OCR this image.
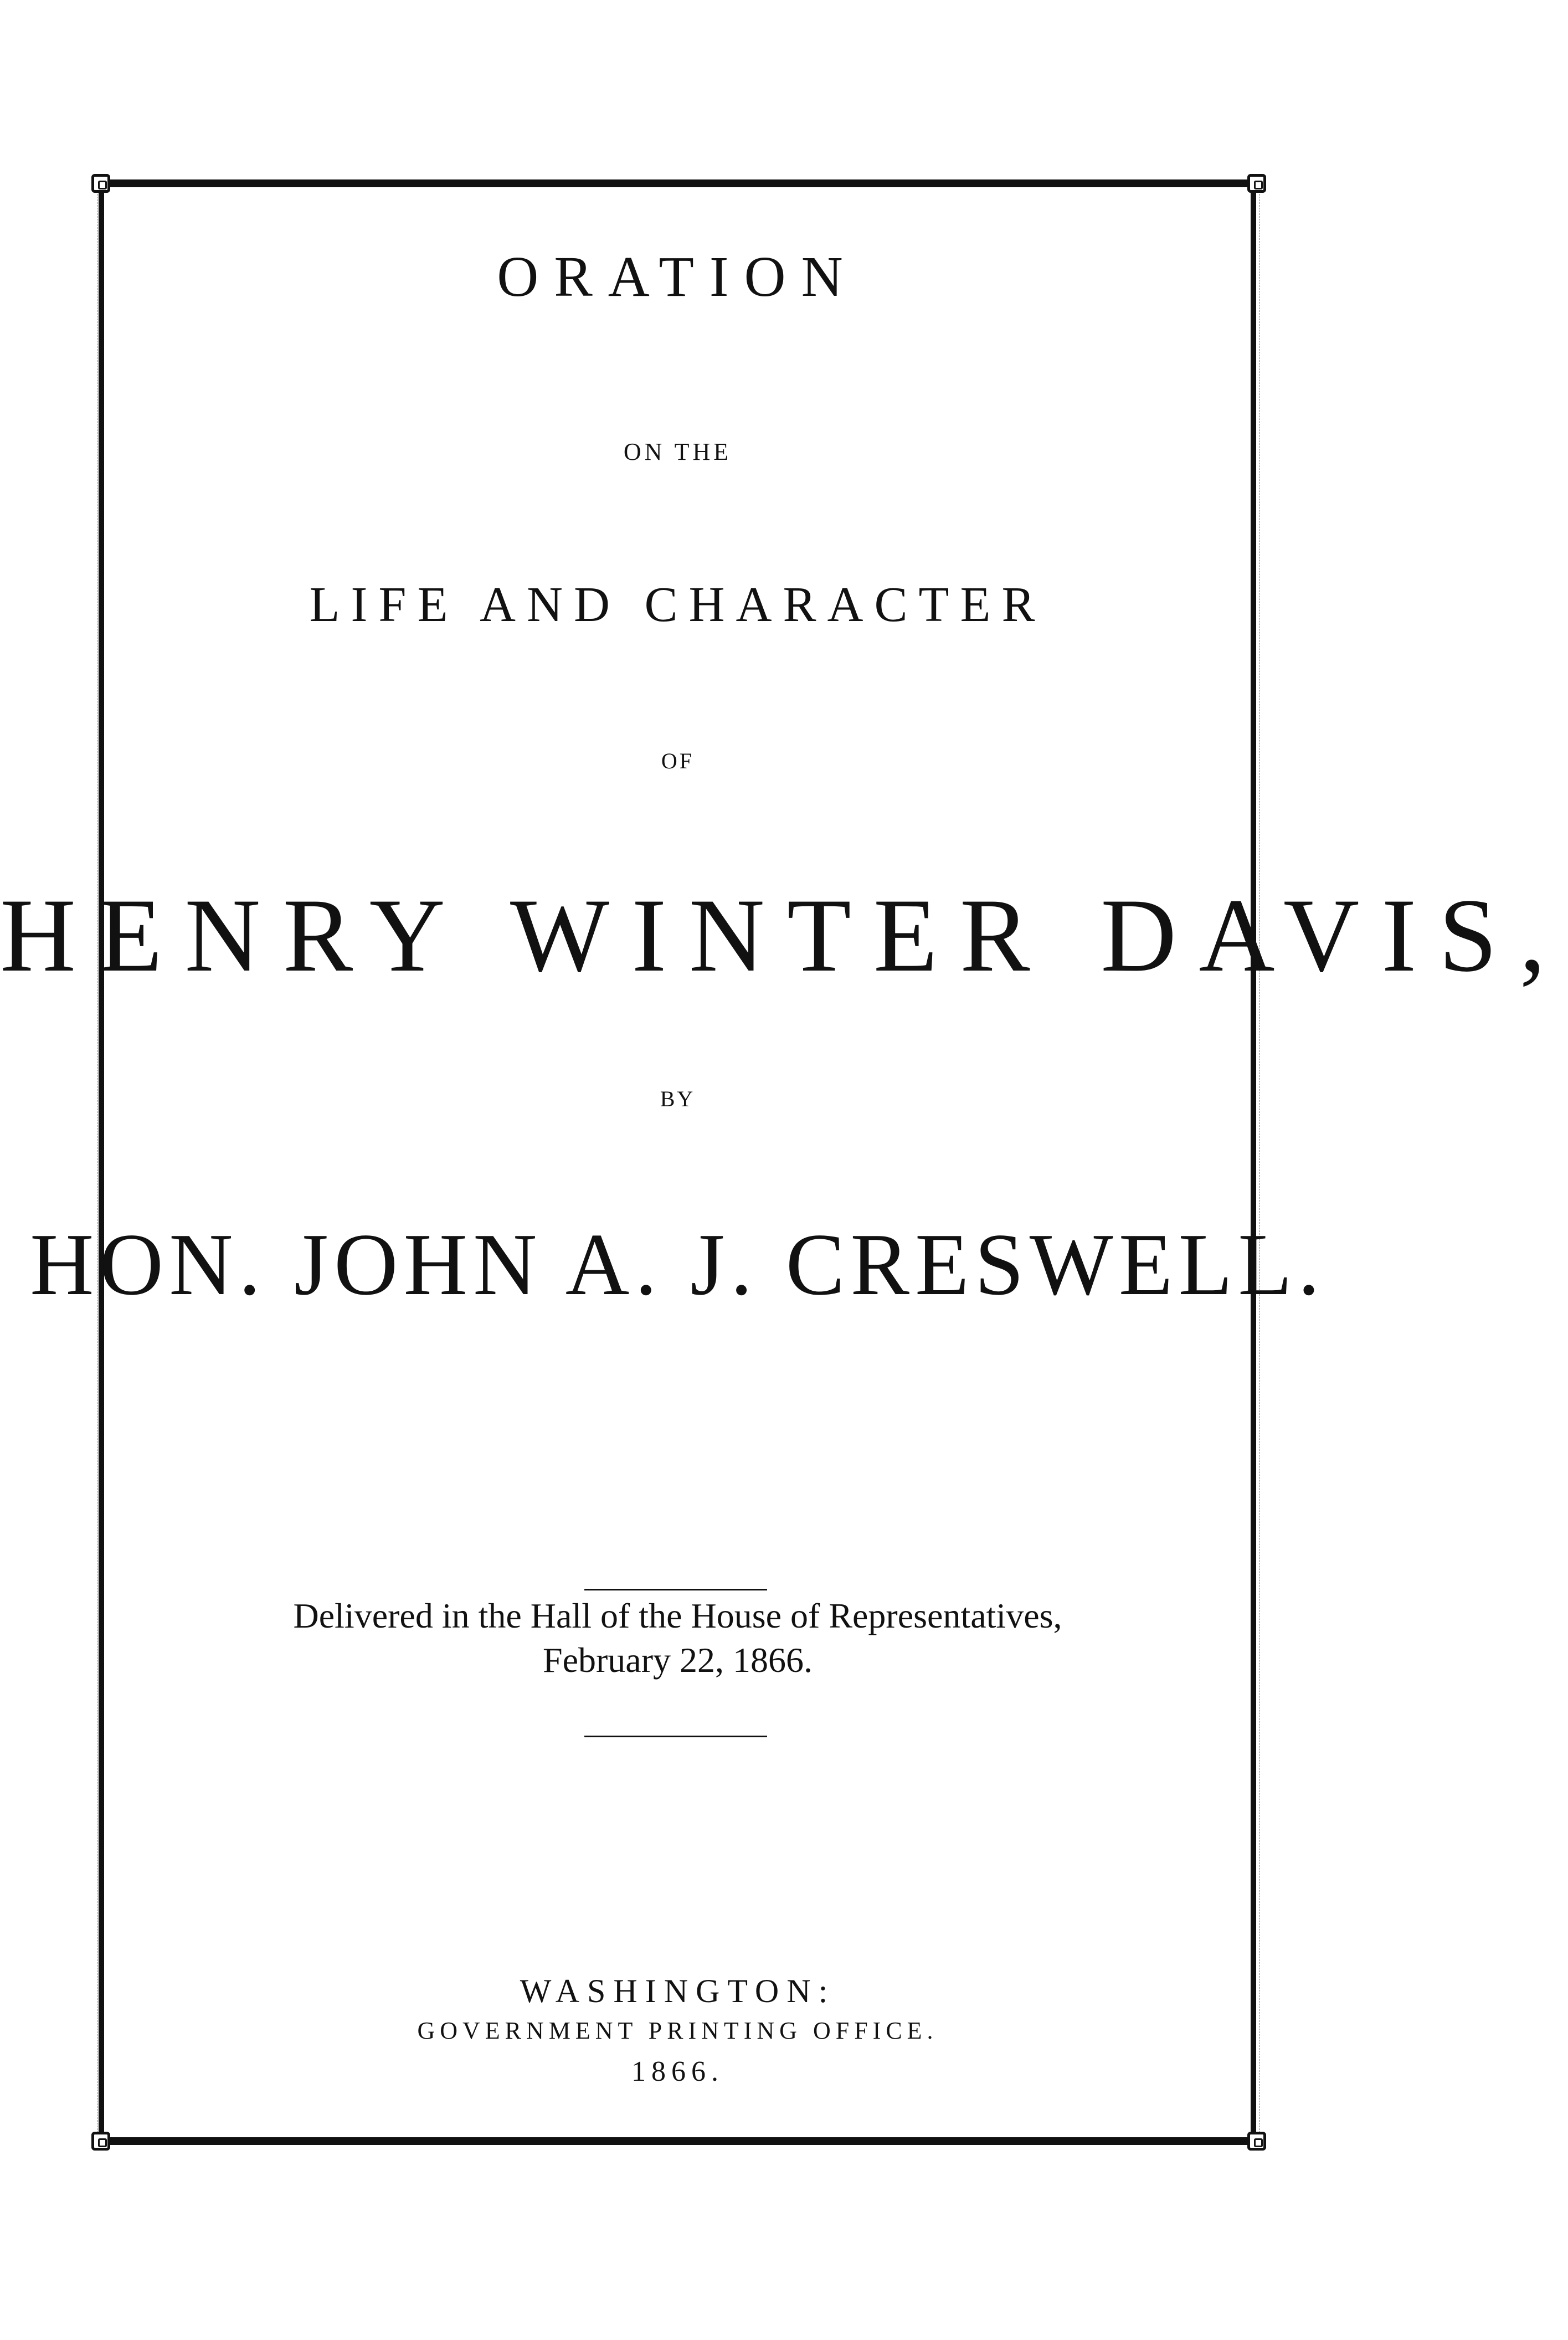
ORATION
ON THE
LIFE AND CHARACTER
OF
HENRY WINTER DAVIS,
BY
HON. JOHN A. J. CRESWELL.
Delivered in the Hall of the House of Representatives,
February 22, 1866.
WASHINGTON:
GOVERNMENT PRINTING OFFICE.
1866.
